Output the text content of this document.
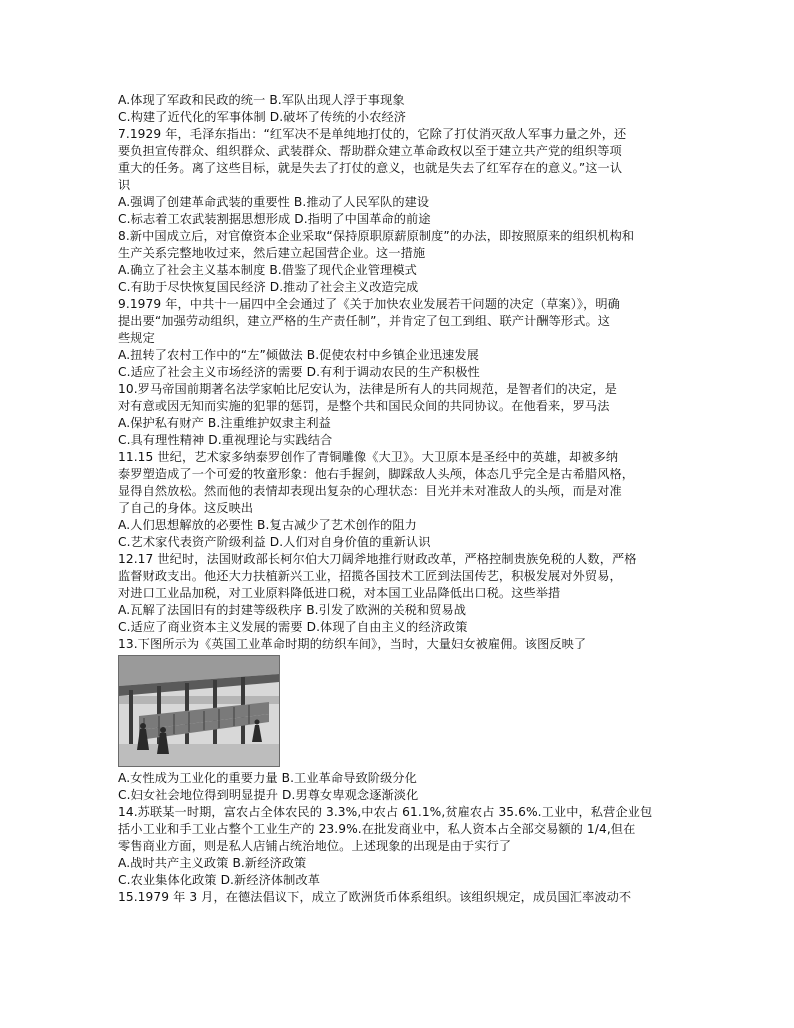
A.体现了军政和民政的统一 B.军队出现人浮于事现象
C.构建了近代化的军事体制 D.破坏了传统的小农经济
7.1929 年，毛泽东指出：“红军决不是单纯地打仗的，它除了打仗消灭敌人军事力量之外，还
要负担宣传群众、组织群众、武装群众、帮助群众建立革命政权以至于建立共产党的组织等项
重大的任务。离了这些目标，就是失去了打仗的意义，也就是失去了红军存在的意义。”这一认
识
A.强调了创建革命武装的重要性 B.推动了人民军队的建设
C.标志着工农武装割据思想形成 D.指明了中国革命的前途
8.新中国成立后，对官僚资本企业采取“保持原职原薪原制度”的办法，即按照原来的组织机构和
生产关系完整地收过来，然后建立起国营企业。这一措施
A.确立了社会主义基本制度 B.借鉴了现代企业管理模式
C.有助于尽快恢复国民经济 D.推动了社会主义改造完成
9.1979 年，中共十一届四中全会通过了《关于加快农业发展若干问题的决定（草案）》，明确
提出要“加强劳动组织，建立严格的生产责任制”，并肯定了包工到组、联产计酬等形式。这
些规定
A.扭转了农村工作中的“左”倾做法 B.促使农村中乡镇企业迅速发展
C.适应了社会主义市场经济的需要 D.有利于调动农民的生产积极性
10.罗马帝国前期著名法学家帕比尼安认为，法律是所有人的共同规范，是智者们的决定，是
对有意或因无知而实施的犯罪的惩罚，是整个共和国民众间的共同协议。在他看来，罗马法
A.保护私有财产 B.注重维护奴隶主利益
C.具有理性精神 D.重视理论与实践结合
11.15 世纪，艺术家多纳泰罗创作了青铜雕像《大卫》。大卫原本是圣经中的英雄，却被多纳
泰罗塑造成了一个可爱的牧童形象：他右手握剑，脚踩敌人头颅，体态几乎完全是古希腊风格，
显得自然放松。然而他的表情却表现出复杂的心理状态：目光并未对准敌人的头颅，而是对准
了自己的身体。这反映出
A.人们思想解放的必要性 B.复古减少了艺术创作的阻力
C.艺术家代表资产阶级利益 D.人们对自身价值的重新认识
12.17 世纪时，法国财政部长柯尔伯大刀阔斧地推行财政改革，严格控制贵族免税的人数，严格
监督财政支出。他还大力扶植新兴工业，招揽各国技术工匠到法国传艺，积极发展对外贸易，
对进口工业品加税，对工业原料降低进口税，对本国工业品降低出口税。这些举措
A.瓦解了法国旧有的封建等级秩序 B.引发了欧洲的关税和贸易战
C.适应了商业资本主义发展的需要 D.体现了自由主义的经济政策
13.下图所示为《英国工业革命时期的纺织车间》，当时，大量妇女被雇佣。该图反映了
A.女性成为工业化的重要力量 B.工业革命导致阶级分化
C.妇女社会地位得到明显提升 D.男尊女卑观念逐渐淡化
14.苏联某一时期，富农占全体农民的 3.3%,中农占 61.1%,贫雇农占 35.6%.工业中，私营企业包
括小工业和手工业占整个工业生产的 23.9%.在批发商业中，私人资本占全部交易额的 1/4,但在
零售商业方面，则是私人店铺占统治地位。上述现象的出现是由于实行了
A.战时共产主义政策 B.新经济政策
C.农业集体化政策 D.新经济体制改革
15.1979 年 3 月，在德法倡议下，成立了欧洲货币体系组织。该组织规定，成员国汇率波动不
